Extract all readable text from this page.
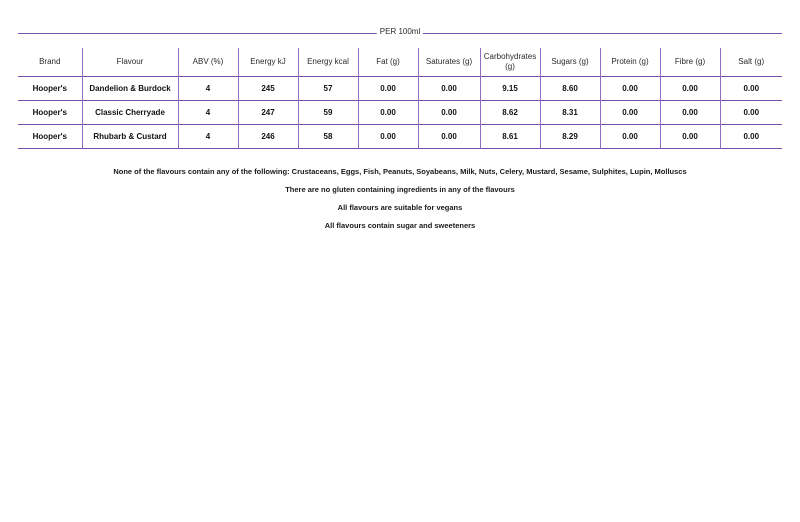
PER 100ml
Brand	Flavour	ABV (%)	Energy kJ	Energy kcal	Fat (g)	Saturates (g)	Carbohydrates (g)	Sugars (g)	Protein (g)	Fibre (g)	Salt (g)
Hooper's	Dandelion & Burdock	4	245	57	0.00	0.00	9.15	8.60	0.00	0.00	0.00
Hooper's	Classic Cherryade	4	247	59	0.00	0.00	8.62	8.31	0.00	0.00	0.00
Hooper's	Rhubarb & Custard	4	246	58	0.00	0.00	8.61	8.29	0.00	0.00	0.00
None of the flavours contain any of the following: Crustaceans, Eggs, Fish, Peanuts, Soyabeans, Milk, Nuts, Celery, Mustard, Sesame, Sulphites, Lupin, Molluscs
There are no gluten containing ingredients in any of the flavours
All flavours are suitable for vegans
All flavours contain sugar and sweeteners
